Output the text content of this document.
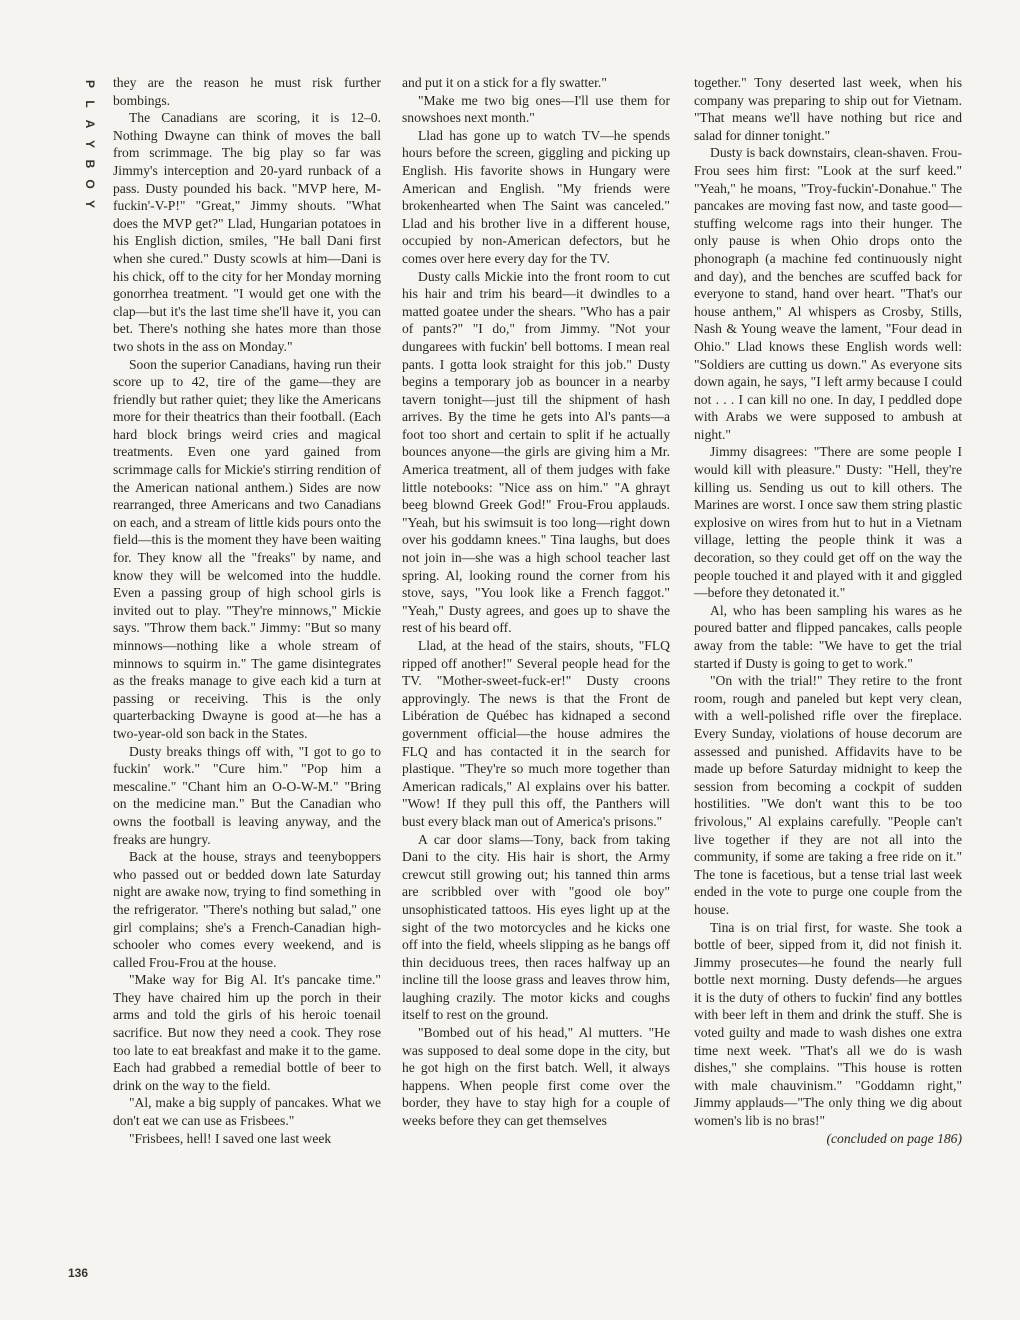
P
L
A
Y
B
O
Y

they are the reason he must risk further bombings.

The Canadians are scoring, it is 12–0. Nothing Dwayne can think of moves the ball from scrimmage. The big play so far was Jimmy's interception and 20-yard runback of a pass. Dusty pounded his back. "MVP here, M-fuckin'-V-P!" "Great," Jimmy shouts. "What does the MVP get?" Llad, Hungarian potatoes in his English diction, smiles, "He ball Dani first when she cured." Dusty scowls at him—Dani is his chick, off to the city for her Monday morning gonorrhea treatment. "I would get one with the clap—but it's the last time she'll have it, you can bet. There's nothing she hates more than those two shots in the ass on Monday."

Soon the superior Canadians, having run their score up to 42, tire of the game—they are friendly but rather quiet; they like the Americans more for their theatrics than their football. (Each hard block brings weird cries and magical treatments. Even one yard gained from scrimmage calls for Mickie's stirring rendition of the American national anthem.) Sides are now rearranged, three Americans and two Canadians on each, and a stream of little kids pours onto the field—this is the moment they have been waiting for. They know all the "freaks" by name, and know they will be welcomed into the huddle. Even a passing group of high school girls is invited out to play. "They're minnows," Mickie says. "Throw them back." Jimmy: "But so many minnows—nothing like a whole stream of minnows to squirm in." The game disintegrates as the freaks manage to give each kid a turn at passing or receiving. This is the only quarterbacking Dwayne is good at—he has a two-year-old son back in the States.

Dusty breaks things off with, "I got to go to fuckin' work." "Cure him." "Pop him a mescaline." "Chant him an O-O-W-M." "Bring on the medicine man." But the Canadian who owns the football is leaving anyway, and the freaks are hungry.

Back at the house, strays and teenyboppers who passed out or bedded down late Saturday night are awake now, trying to find something in the refrigerator. "There's nothing but salad," one girl complains; she's a French-Canadian high-schooler who comes every weekend, and is called Frou-Frou at the house.

"Make way for Big Al. It's pancake time." They have chaired him up the porch in their arms and told the girls of his heroic toenail sacrifice. But now they need a cook. They rose too late to eat breakfast and make it to the game. Each had grabbed a remedial bottle of beer to drink on the way to the field.

"Al, make a big supply of pancakes. What we don't eat we can use as Frisbees."

"Frisbees, hell! I saved one last week

and put it on a stick for a fly swatter."

"Make me two big ones—I'll use them for snowshoes next month."

Llad has gone up to watch TV—he spends hours before the screen, giggling and picking up English. His favorite shows in Hungary were American and English. "My friends were brokenhearted when The Saint was canceled." Llad and his brother live in a different house, occupied by non-American defectors, but he comes over here every day for the TV.

Dusty calls Mickie into the front room to cut his hair and trim his beard—it dwindles to a matted goatee under the shears. "Who has a pair of pants?" "I do," from Jimmy. "Not your dungarees with fuckin' bell bottoms. I mean real pants. I gotta look straight for this job." Dusty begins a temporary job as bouncer in a nearby tavern tonight—just till the shipment of hash arrives. By the time he gets into Al's pants—a foot too short and certain to split if he actually bounces anyone—the girls are giving him a Mr. America treatment, all of them judges with fake little notebooks: "Nice ass on him." "A ghrayt beeg blownd Greek God!" Frou-Frou applauds. "Yeah, but his swimsuit is too long—right down over his goddamn knees." Tina laughs, but does not join in—she was a high school teacher last spring. Al, looking round the corner from his stove, says, "You look like a French faggot." "Yeah," Dusty agrees, and goes up to shave the rest of his beard off.

Llad, at the head of the stairs, shouts, "FLQ ripped off another!" Several people head for the TV. "Mother-sweet-fuck-er!" Dusty croons approvingly. The news is that the Front de Libération de Québec has kidnaped a second government official—the house admires the FLQ and has contacted it in the search for plastique. "They're so much more together than American radicals," Al explains over his batter. "Wow! If they pull this off, the Panthers will bust every black man out of America's prisons."

A car door slams—Tony, back from taking Dani to the city. His hair is short, the Army crewcut still growing out; his tanned thin arms are scribbled over with "good ole boy" unsophisticated tattoos. His eyes light up at the sight of the two motorcycles and he kicks one off into the field, wheels slipping as he bangs off thin deciduous trees, then races halfway up an incline till the loose grass and leaves throw him, laughing crazily. The motor kicks and coughs itself to rest on the ground.

"Bombed out of his head," Al mutters. "He was supposed to deal some dope in the city, but he got high on the first batch. Well, it always happens. When people first come over the border, they have to stay high for a couple of weeks before they can get themselves

together." Tony deserted last week, when his company was preparing to ship out for Vietnam. "That means we'll have nothing but rice and salad for dinner tonight."

Dusty is back downstairs, clean-shaven. Frou-Frou sees him first: "Look at the surf keed." "Yeah," he moans, "Troy-fuckin'-Donahue." The pancakes are moving fast now, and taste good—stuffing welcome rags into their hunger. The only pause is when Ohio drops onto the phonograph (a machine fed continuously night and day), and the benches are scuffed back for everyone to stand, hand over heart. "That's our house anthem," Al whispers as Crosby, Stills, Nash & Young weave the lament, "Four dead in Ohio." Llad knows these English words well: "Soldiers are cutting us down." As everyone sits down again, he says, "I left army because I could not . . . I can kill no one. In day, I peddled dope with Arabs we were supposed to ambush at night."

Jimmy disagrees: "There are some people I would kill with pleasure." Dusty: "Hell, they're killing us. Sending us out to kill others. The Marines are worst. I once saw them string plastic explosive on wires from hut to hut in a Vietnam village, letting the people think it was a decoration, so they could get off on the way the people touched it and played with it and giggled—before they detonated it."

Al, who has been sampling his wares as he poured batter and flipped pancakes, calls people away from the table: "We have to get the trial started if Dusty is going to get to work."

"On with the trial!" They retire to the front room, rough and paneled but kept very clean, with a well-polished rifle over the fireplace. Every Sunday, violations of house decorum are assessed and punished. Affidavits have to be made up before Saturday midnight to keep the session from becoming a cockpit of sudden hostilities. "We don't want this to be too frivolous," Al explains carefully. "People can't live together if they are not all into the community, if some are taking a free ride on it." The tone is facetious, but a tense trial last week ended in the vote to purge one couple from the house.

Tina is on trial first, for waste. She took a bottle of beer, sipped from it, did not finish it. Jimmy prosecutes—he found the nearly full bottle next morning. Dusty defends—he argues it is the duty of others to fuckin' find any bottles with beer left in them and drink the stuff. She is voted guilty and made to wash dishes one extra time next week. "That's all we do is wash dishes," she complains. "This house is rotten with male chauvinism." "Goddamn right," Jimmy applauds—"The only thing we dig about women's lib is no bras!"

(concluded on page 186)

136
